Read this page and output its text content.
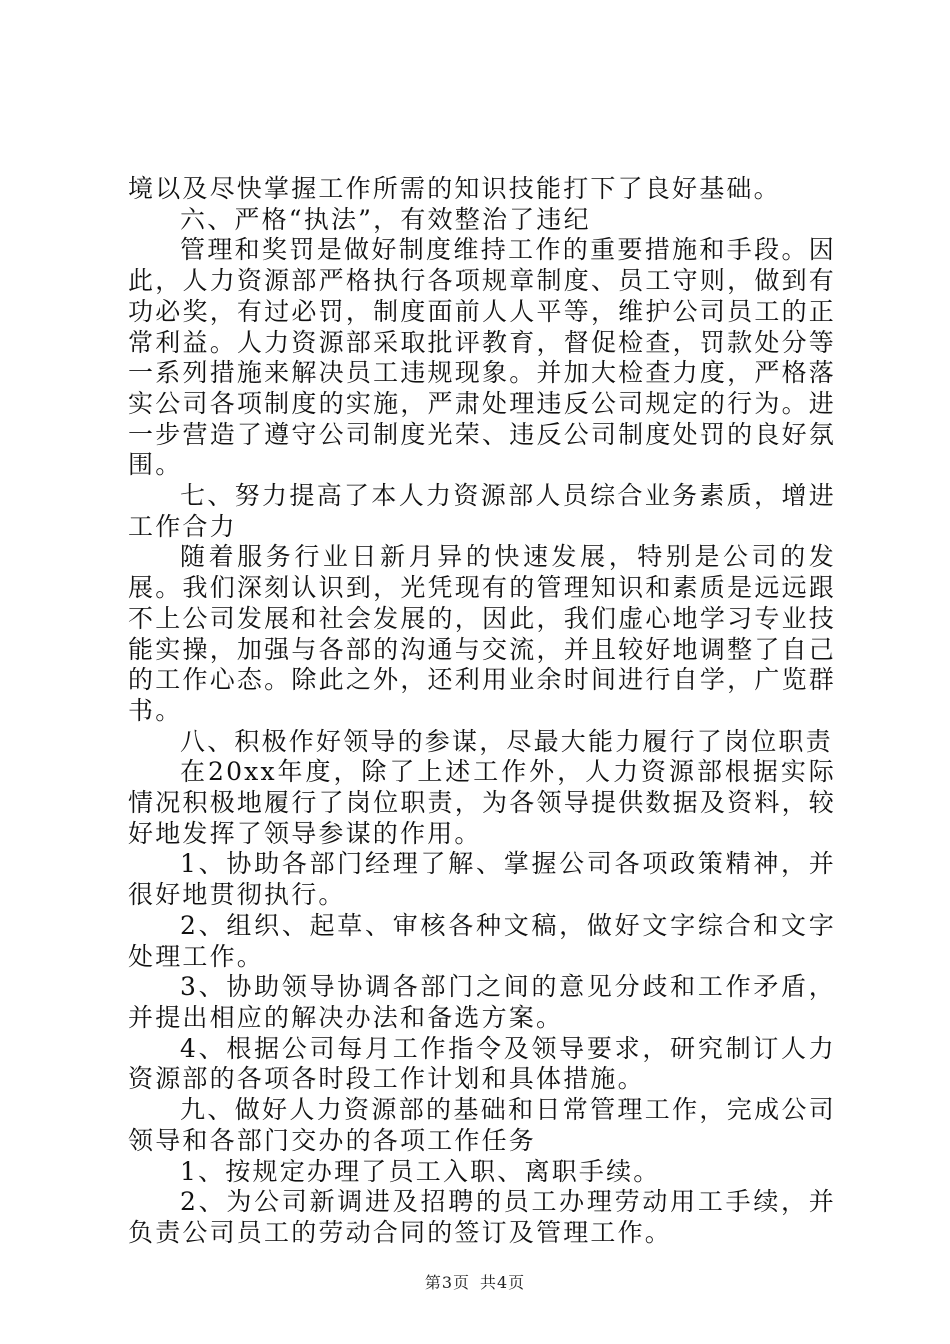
境以及尽快掌握工作所需的知识技能打下了良好基础。

六、严格“执法”，有效整治了违纪

管理和奖罚是做好制度维持工作的重要措施和手段。因此，人力资源部严格执行各项规章制度、员工守则，做到有功必奖，有过必罚，制度面前人人平等，维护公司员工的正常利益。人力资源部采取批评教育，督促检查，罚款处分等一系列措施来解决员工违规现象。并加大检查力度，严格落实公司各项制度的实施，严肃处理违反公司规定的行为。进一步营造了遵守公司制度光荣、违反公司制度处罚的良好氛围。

七、努力提高了本人力资源部人员综合业务素质，增进工作合力

随着服务行业日新月异的快速发展，特别是公司的发展。我们深刻认识到，光凭现有的管理知识和素质是远远跟不上公司发展和社会发展的，因此，我们虚心地学习专业技能实操，加强与各部的沟通与交流，并且较好地调整了自己的工作心态。除此之外，还利用业余时间进行自学，广览群书。

八、积极作好领导的参谋，尽最大能力履行了岗位职责

在20xx年度，除了上述工作外，人力资源部根据实际情况积极地履行了岗位职责，为各领导提供数据及资料，较好地发挥了领导参谋的作用。

1、协助各部门经理了解、掌握公司各项政策精神，并很好地贯彻执行。

2、组织、起草、审核各种文稿，做好文字综合和文字处理工作。

3、协助领导协调各部门之间的意见分歧和工作矛盾，并提出相应的解决办法和备选方案。

4、根据公司每月工作指令及领导要求，研究制订人力资源部的各项各时段工作计划和具体措施。

九、做好人力资源部的基础和日常管理工作，完成公司领导和各部门交办的各项工作任务

1、按规定办理了员工入职、离职手续。

2、为公司新调进及招聘的员工办理劳动用工手续，并负责公司员工的劳动合同的签订及管理工作。

第3页 共4页
